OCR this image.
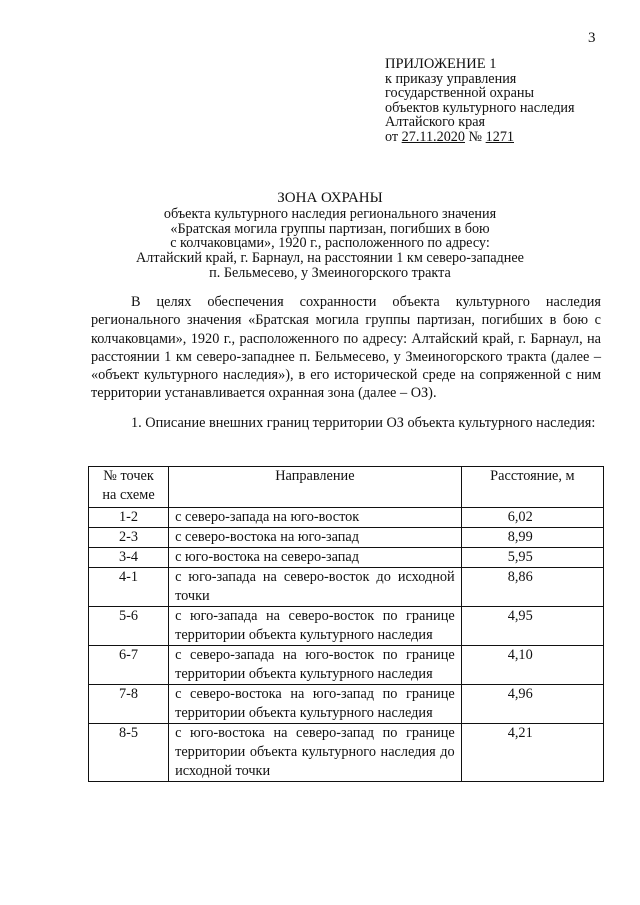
3
ПРИЛОЖЕНИЕ 1
к приказу управления
государственной охраны
объектов культурного наследия
Алтайского края
от 27.11.2020 № 1271
ЗОНА ОХРАНЫ
объекта культурного наследия регионального значения
«Братская могила группы партизан, погибших в бою
с колчаковцами», 1920 г., расположенного по адресу:
Алтайский край, г. Барнаул, на расстоянии 1 км северо-западнее
п. Бельмесево, у Змеиногорского тракта
В целях обеспечения сохранности объекта культурного наследия регионального значения «Братская могила группы партизан, погибших в бою с колчаковцами», 1920 г., расположенного по адресу: Алтайский край, г. Барнаул, на расстоянии 1 км северо-западнее п. Бельмесево, у Змеиногорского тракта (далее – «объект культурного наследия»), в его исторической среде на сопряженной с ним территории устанавливается охранная зона (далее – ОЗ).
1. Описание внешних границ территории ОЗ объекта культурного наследия:
№ точек на схеме	Направление	Расстояние, м
1-2	с северо-запада на юго-восток	6,02
2-3	с северо-востока на юго-запад	8,99
3-4	с юго-востока на северо-запад	5,95
4-1	с юго-запада на северо-восток до исходной точки	8,86
5-6	с юго-запада на северо-восток по границе территории объекта культурного наследия	4,95
6-7	с северо-запада на юго-восток по границе территории объекта культурного наследия	4,10
7-8	с северо-востока на юго-запад по границе территории объекта культурного наследия	4,96
8-5	с юго-востока на северо-запад по границе территории объекта культурного наследия до исходной точки	4,21
